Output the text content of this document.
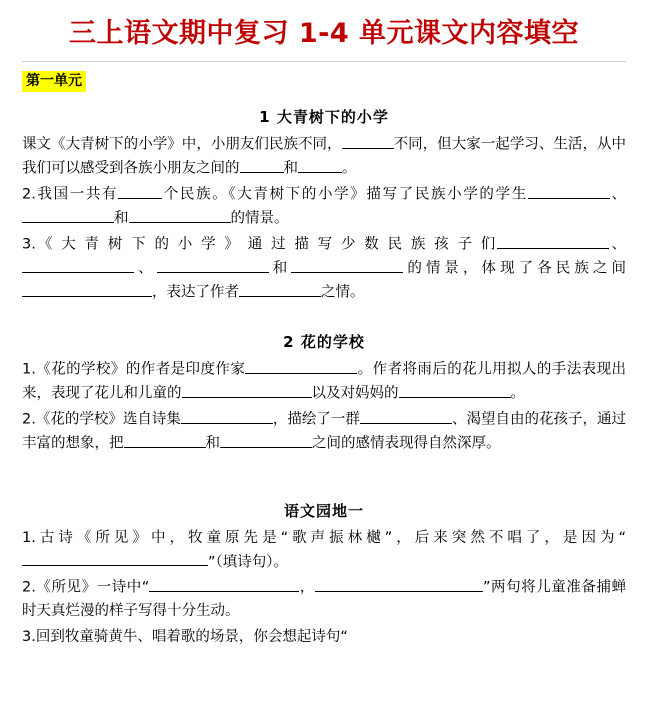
三上语文期中复习 1-4 单元课文内容填空
第一单元
1 大青树下的小学

课文《大青树下的小学》中，小朋友们民族不同，	不同，但大家一起学习、生活，从中我们可以感受到各族小朋友之间的	和	。

2.我国一共有	个民族。《大青树下的小学》描写了民族小学的学生	、和	的情景。

3.《 大 青 树 下 的 小 学 》 通 过 描 写 少 数 民 族 孩 子 们	、、	和	的情景，体现了各民族之间，表达了作者	之情。

2 花的学校

1.《花的学校》的作者是印度作家	。作者将雨后的花儿用拟人的手法表现出来，表现了花儿和儿童的	以及对妈妈的	。

2.《花的学校》选自诗集	，描绘了一群	、渴望自由的花孩子，通过丰富的想象，把	和	之间的感情表现得自然深厚。

语文园地一

1.古诗《所见》中，牧童原先是“歌声振林樾”，后来突然不唱了，是因为“”（填诗句）。

2.《所见》一诗中“	，	”两句将儿童准备捕蝉时天真烂漫的样子写得十分生动。

3.回到牧童骑黄牛、唱着歌的场景，你会想起诗句“
